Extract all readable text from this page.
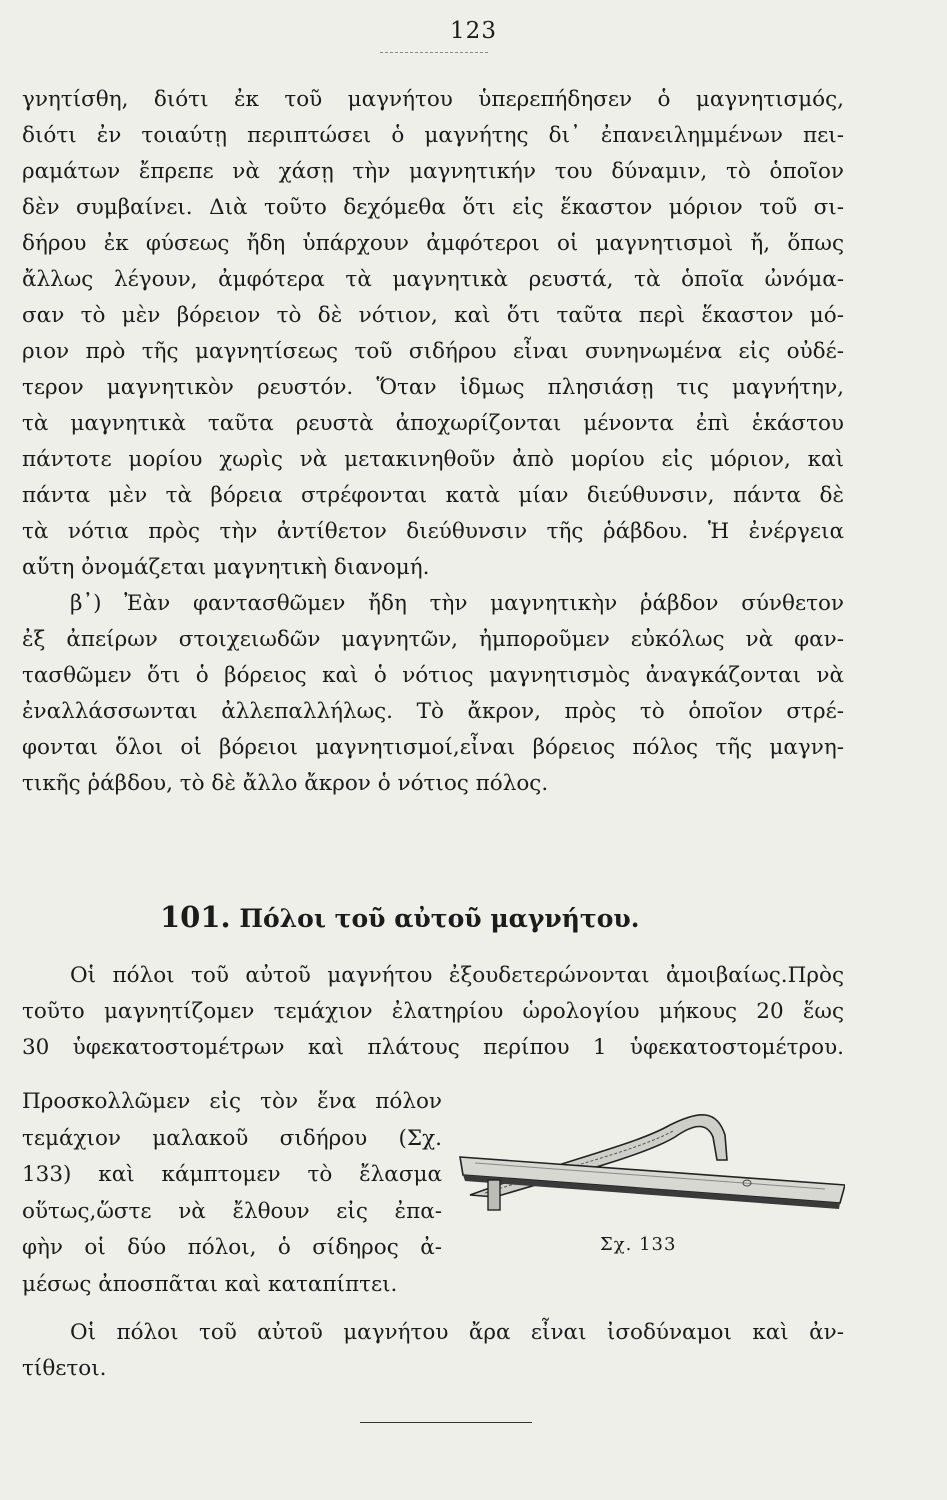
123
γνητίσθη, διότι ἐκ τοῦ μαγνήτου ὑπερεπήδησεν ὁ μαγνητισμός,
διότι ἐν τοιαύτῃ περιπτώσει ὁ μαγνήτης δι᾽ ἐπανειλημμένων πει-
ραμάτων ἔπρεπε νὰ χάσῃ τὴν μαγνητικήν του δύναμιν, τὸ ὁποῖον
δὲν συμβαίνει. Διὰ τοῦτο δεχόμεθα ὅτι εἰς ἕκαστον μόριον τοῦ σι-
δήρου ἐκ φύσεως ἤδη ὑπάρχουν ἀμφότεροι οἱ μαγνητισμοὶ ἤ, ὅπως
ἄλλως λέγουν, ἀμφότερα τὰ μαγνητικὰ ρευστά, τὰ ὁποῖα ὠνόμα-
σαν τὸ μὲν βόρειον τὸ δὲ νότιον, καὶ ὅτι ταῦτα περὶ ἕκαστον μό-
ριον πρὸ τῆς μαγνητίσεως τοῦ σιδήρου εἶναι συνηνωμένα εἰς οὐδέ-
τερον μαγνητικὸν ρευστόν. Ὅταν ἰδμως πλησιάσῃ τις μαγνήτην,
τὰ μαγνητικὰ ταῦτα ρευστὰ ἀποχωρίζονται μένοντα ἐπὶ ἑκάστου
πάντοτε μορίου χωρὶς νὰ μετακινηθοῦν ἀπὸ μορίου εἰς μόριον, καὶ
πάντα μὲν τὰ βόρεια στρέφονται κατὰ μίαν διεύθυνσιν, πάντα δὲ
τὰ νότια πρὸς τὴν ἀντίθετον διεύθυνσιν τῆς ῥάβδου. Ἡ ἐνέργεια
αὕτη ὀνομάζεται μαγνητικὴ διανομή.
β᾽) Ἐὰν φαντασθῶμεν ἤδη τὴν μαγνητικὴν ῥάβδον σύνθετον
ἐξ ἀπείρων στοιχειωδῶν μαγνητῶν, ἠμποροῦμεν εὐκόλως νὰ φαν-
τασθῶμεν ὅτι ὁ βόρειος καὶ ὁ νότιος μαγνητισμὸς ἀναγκάζονται νὰ
ἐναλλάσσωνται ἀλλεπαλλήλως. Τὸ ἄκρον, πρὸς τὸ ὁποῖον στρέ-
φονται ὅλοι οἱ βόρειοι μαγνητισμοί,εἶναι βόρειος πόλος τῆς μαγνη-
τικῆς ῥάβδου, τὸ δὲ ἄλλο ἄκρον ὁ νότιος πόλος.
101. Πόλοι τοῦ αὐτοῦ μαγνήτου.
Οἱ πόλοι τοῦ αὐτοῦ μαγνήτου ἐξουδετερώνονται ἀμοιβαίως.Πρὸς
τοῦτο μαγνητίζομεν τεμάχιον ἐλατηρίου ὡρολογίου μήκους 20 ἕως
30 ὑφεκατοστομέτρων καὶ πλάτους περίπου 1 ὑφεκατοστομέτρου.
Προσκολλῶμεν εἰς τὸν ἕνα πόλον
τεμάχιον μαλακοῦ σιδήρου (Σχ.
133) καὶ κάμπτομεν τὸ ἔλασμα
οὕτως,ὥστε νὰ ἔλθουν εἰς ἐπα-
φὴν οἱ δύο πόλοι, ὁ σίδηρος ἀ-
μέσως ἀποσπᾶται καὶ καταπίπτει.
Σχ. 133
Οἱ πόλοι τοῦ αὐτοῦ μαγνήτου ἄρα εἶναι ἰσοδύναμοι καὶ ἀν-
τίθετοι.
